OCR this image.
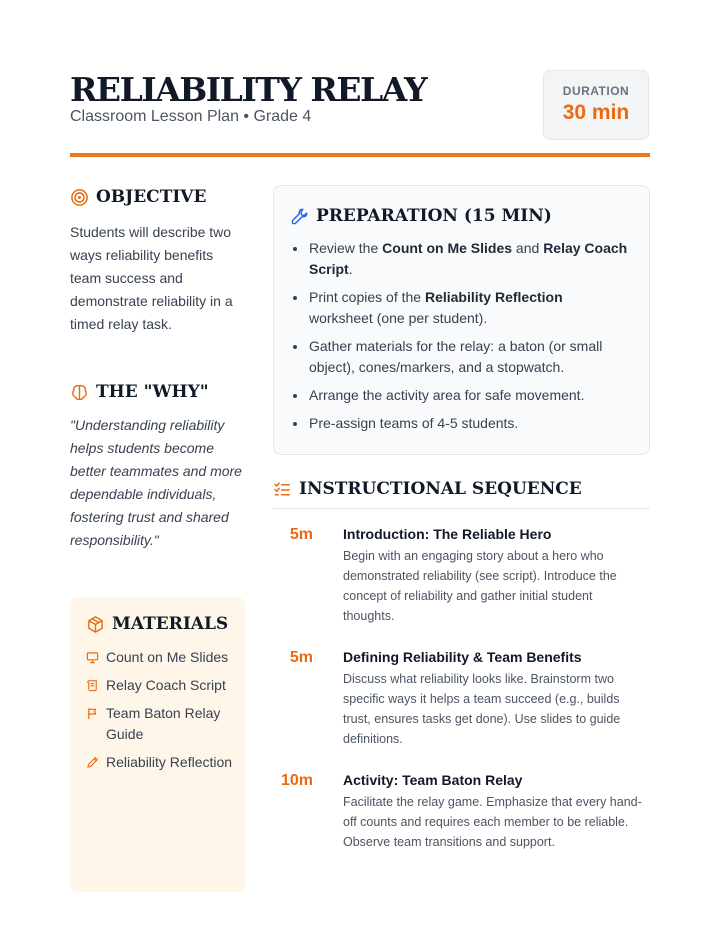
RELIABILITY RELAY
Classroom Lesson Plan • Grade 4
DURATION
30 min
OBJECTIVE
Students will describe two ways reliability benefits team success and demonstrate reliability in a timed relay task.
THE "WHY"
"Understanding reliability helps students become better teammates and more dependable individuals, fostering trust and shared responsibility."
MATERIALS
Count on Me Slides
Relay Coach Script
Team Baton Relay Guide
Reliability Reflection
PREPARATION (15 MIN)
Review the Count on Me Slides and Relay Coach Script.
Print copies of the Reliability Reflection worksheet (one per student).
Gather materials for the relay: a baton (or small object), cones/markers, and a stopwatch.
Arrange the activity area for safe movement.
Pre-assign teams of 4-5 students.
INSTRUCTIONAL SEQUENCE
5m Introduction: The Reliable Hero
Begin with an engaging story about a hero who demonstrated reliability (see script). Introduce the concept of reliability and gather initial student thoughts.
5m Defining Reliability & Team Benefits
Discuss what reliability looks like. Brainstorm two specific ways it helps a team succeed (e.g., builds trust, ensures tasks get done). Use slides to guide definitions.
10m Activity: Team Baton Relay
Facilitate the relay game. Emphasize that every hand-off counts and requires each member to be reliable. Observe team transitions and support.
